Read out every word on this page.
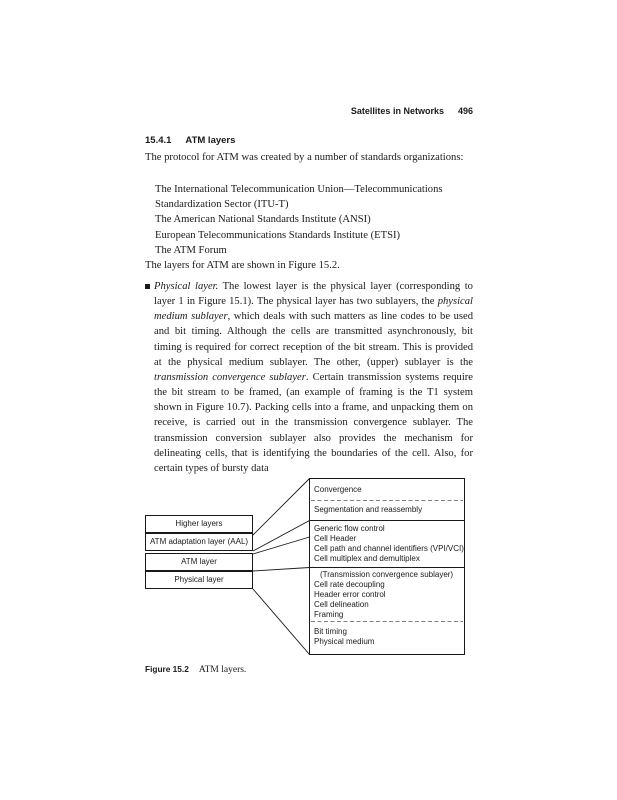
Satellites in Networks 496
15.4.1 ATM layers
The protocol for ATM was created by a number of standards organizations:
The International Telecommunication Union—Telecommunications Standardization Sector (ITU-T)
The American National Standards Institute (ANSI)
European Telecommunications Standards Institute (ETSI)
The ATM Forum
The layers for ATM are shown in Figure 15.2.
Physical layer. The lowest layer is the physical layer (corresponding to layer 1 in Figure 15.1). The physical layer has two sublayers, the physical medium sublayer, which deals with such matters as line codes to be used and bit timing. Although the cells are transmitted asynchronously, bit timing is required for correct reception of the bit stream. This is provided at the physical medium sublayer. The other, (upper) sublayer is the transmission convergence sublayer. Certain transmission systems require the bit stream to be framed, (an example of framing is the T1 system shown in Figure 10.7). Packing cells into a frame, and unpacking them on receive, is carried out in the transmission convergence sublayer. The transmission conversion sublayer also provides the mechanism for delineating cells, that is identifying the boundaries of the cell. Also, for certain types of bursty data
Higher layers
ATM adaptation layer (AAL)
ATM layer
Physical layer
Convergence
Segmentation and reassembly
Generic flow control
Cell Header
Cell path and channel identifiers (VPI/VCI)
Cell multiplex and demultiplex
(Transmission convergence sublayer)
Cell rate decoupling
Header error control
Cell delineation
Framing
Bit timing
Physical medium
Figure 15.2 ATM layers.
